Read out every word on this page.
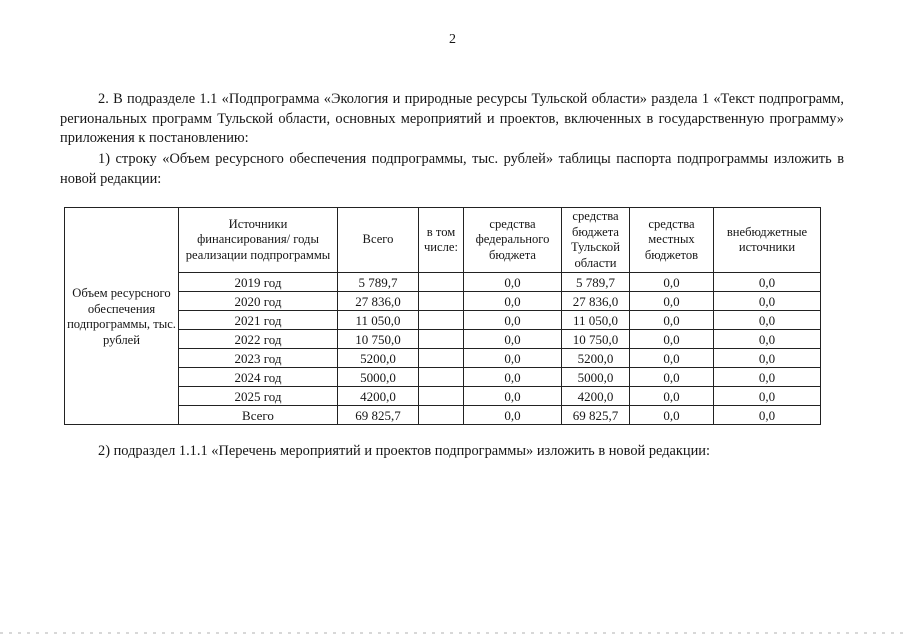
2

2. В подразделе 1.1 «Подпрограмма «Экология и природные ресурсы Тульской области» раздела 1 «Текст подпрограмм, региональных программ Тульской области, основных мероприятий и проектов, включенных в государственную программу» приложения к постановлению:

1) строку «Объем ресурсного обеспечения подпрограммы, тыс. рублей» таблицы паспорта подпрограммы изложить в новой редакции:

Объем ресурсного обеспечения подпрограммы, тыс. рублей	Источники финансирования/ годы реализации подпрограммы	Всего	в том числе:	средства федерального бюджета	средства бюджета Тульской области	средства местных бюджетов	внебюджетные источники
	2019 год	5 789,7		0,0	5 789,7	0,0	0,0
	2020 год	27 836,0		0,0	27 836,0	0,0	0,0
	2021 год	11 050,0		0,0	11 050,0	0,0	0,0
	2022 год	10 750,0		0,0	10 750,0	0,0	0,0
	2023 год	5200,0		0,0	5200,0	0,0	0,0
	2024 год	5000,0		0,0	5000,0	0,0	0,0
	2025 год	4200,0		0,0	4200,0	0,0	0,0
	Всего	69 825,7		0,0	69 825,7	0,0	0,0

2) подраздел 1.1.1 «Перечень мероприятий и проектов подпрограммы» изложить в новой редакции:
